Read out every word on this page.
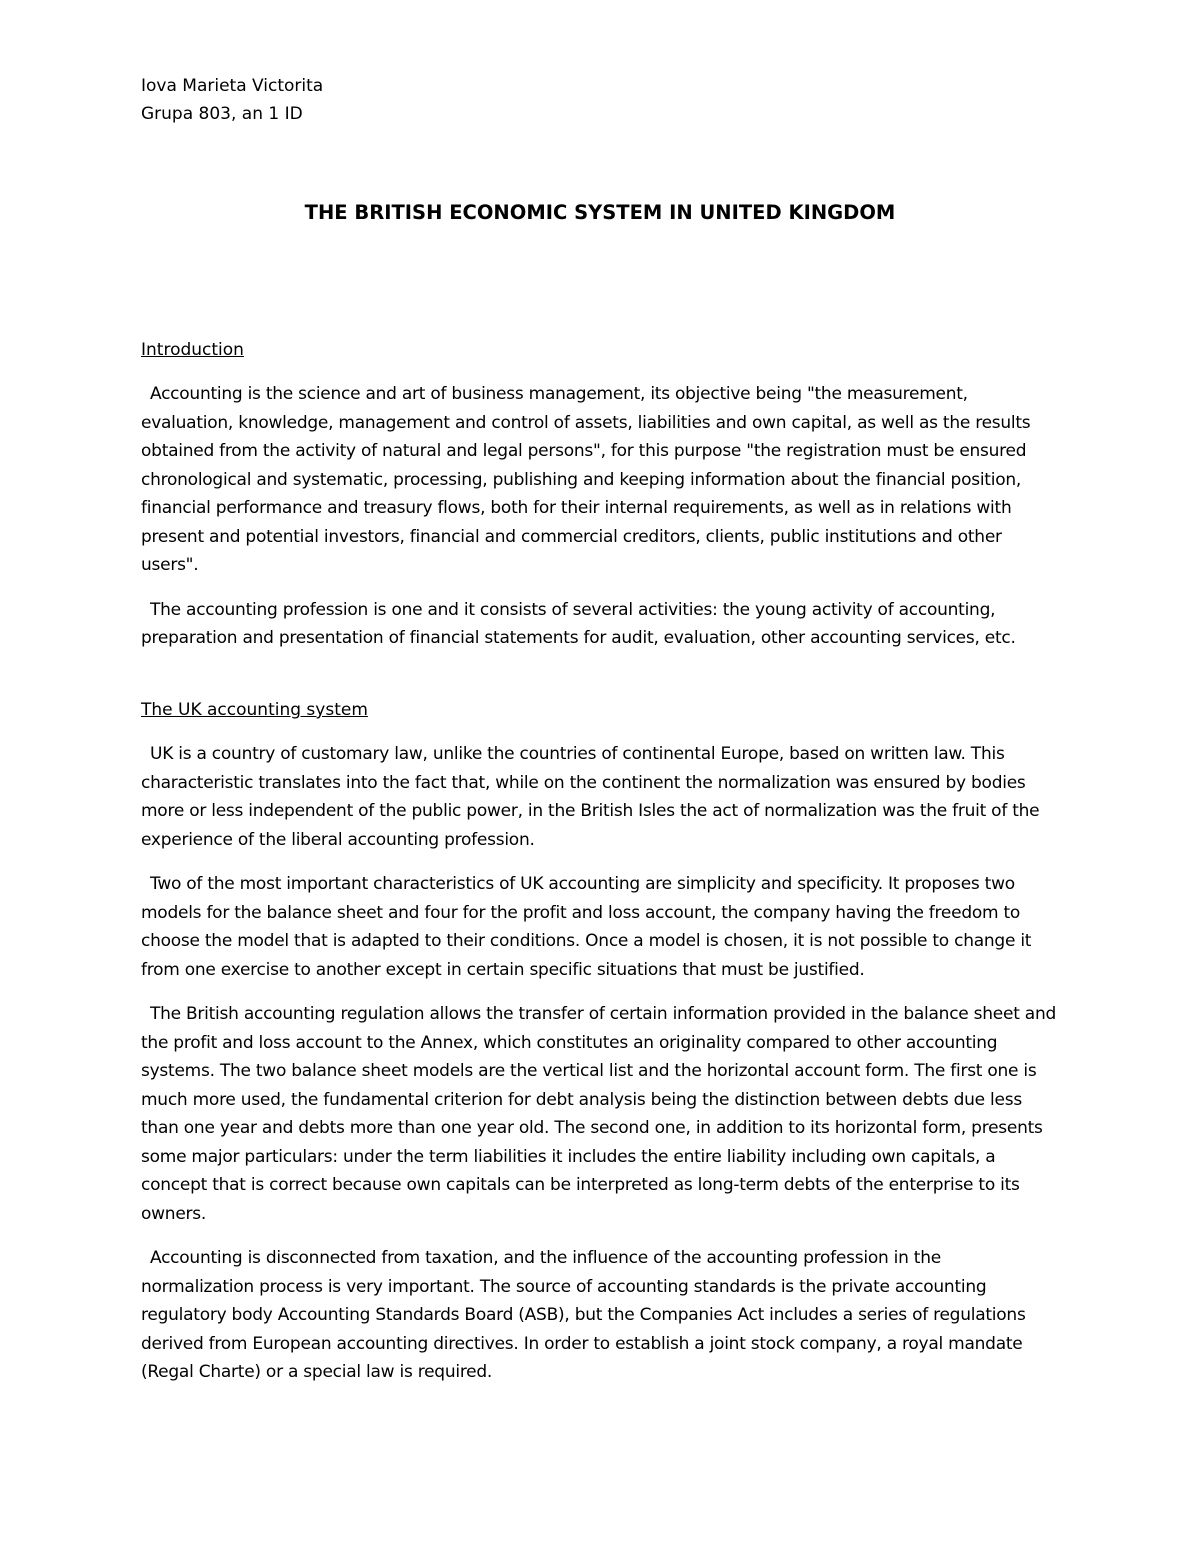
Iova Marieta Victorita

Grupa 803, an 1 ID

THE BRITISH ECONOMIC SYSTEM IN UNITED KINGDOM

Introduction

Accounting is the science and art of business management, its objective being "the measurement, evaluation, knowledge, management and control of assets, liabilities and own capital, as well as the results obtained from the activity of natural and legal persons", for this purpose "the registration must be ensured chronological and systematic, processing, publishing and keeping information about the financial position, financial performance and treasury flows, both for their internal requirements, as well as in relations with present and potential investors, financial and commercial creditors, clients, public institutions and other users".

The accounting profession is one and it consists of several activities: the young activity of accounting, preparation and presentation of financial statements for audit, evaluation, other accounting services, etc.

The UK accounting system

UK is a country of customary law, unlike the countries of continental Europe, based on written law. This characteristic translates into the fact that, while on the continent the normalization was ensured by bodies more or less independent of the public power, in the British Isles the act of normalization was the fruit of the experience of the liberal accounting profession.

Two of the most important characteristics of UK accounting are simplicity and specificity. It proposes two models for the balance sheet and four for the profit and loss account, the company having the freedom to choose the model that is adapted to their conditions. Once a model is chosen, it is not possible to change it from one exercise to another except in certain specific situations that must be justified.

The British accounting regulation allows the transfer of certain information provided in the balance sheet and the profit and loss account to the Annex, which constitutes an originality compared to other accounting systems. The two balance sheet models are the vertical list and the horizontal account form. The first one is much more used, the fundamental criterion for debt analysis being the distinction between debts due less than one year and debts more than one year old. The second one, in addition to its horizontal form, presents some major particulars: under the term liabilities it includes the entire liability including own capitals, a concept that is correct because own capitals can be interpreted as long-term debts of the enterprise to its owners.

Accounting is disconnected from taxation, and the influence of the accounting profession in the normalization process is very important. The source of accounting standards is the private accounting regulatory body Accounting Standards Board (ASB), but the Companies Act includes a series of regulations derived from European accounting directives. In order to establish a joint stock company, a royal mandate (Regal Charte) or a special law is required.
